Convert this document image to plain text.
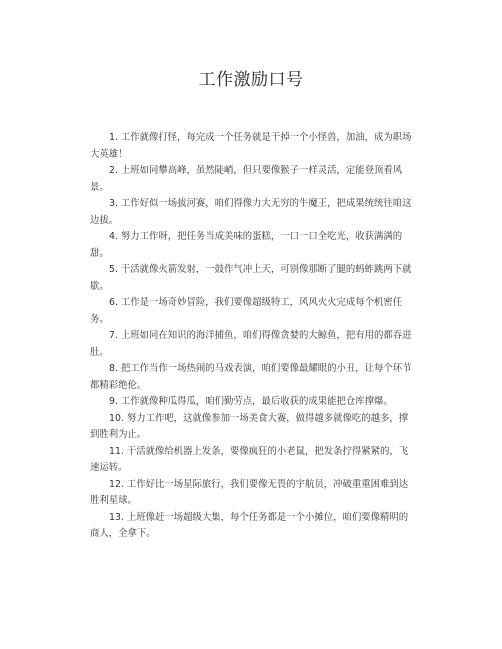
工作激励口号
1. 工作就像打怪，每完成一个任务就是干掉一个小怪兽，加油，成为职场大英雄！
2. 上班如同攀高峰，虽然陡峭，但只要像猴子一样灵活，定能登顶看风景。
3. 工作好似一场拔河赛，咱们得像力大无穷的牛魔王，把成果统统往咱这边拔。
4. 努力工作呀，把任务当成美味的蛋糕，一口一口全吃光，收获满满的甜。
5. 干活就像火箭发射，一鼓作气冲上天，可别像那断了腿的蚂蚱跳两下就歇。
6. 工作是一场奇妙冒险，我们要像超级特工，风风火火完成每个机密任务。
7. 上班如同在知识的海洋捕鱼，咱们得像贪婪的大鲸鱼，把有用的都吞进肚。
8. 把工作当作一场热闹的马戏表演，咱们要像最耀眼的小丑，让每个环节都精彩绝伦。
9. 工作就像种瓜得瓜，咱们勤劳点，最后收获的成果能把仓库撑爆。
10. 努力工作吧，这就像参加一场美食大赛，做得越多就像吃的越多，撑到胜利为止。
11. 干活就像给机器上发条，要像疯狂的小老鼠，把发条拧得紧紧的，飞速运转。
12. 工作好比一场星际旅行，我们要像无畏的宇航员，冲破重重困难到达胜利星球。
13. 上班像赶一场超级大集，每个任务都是一个小摊位，咱们要像精明的商人，全拿下。
